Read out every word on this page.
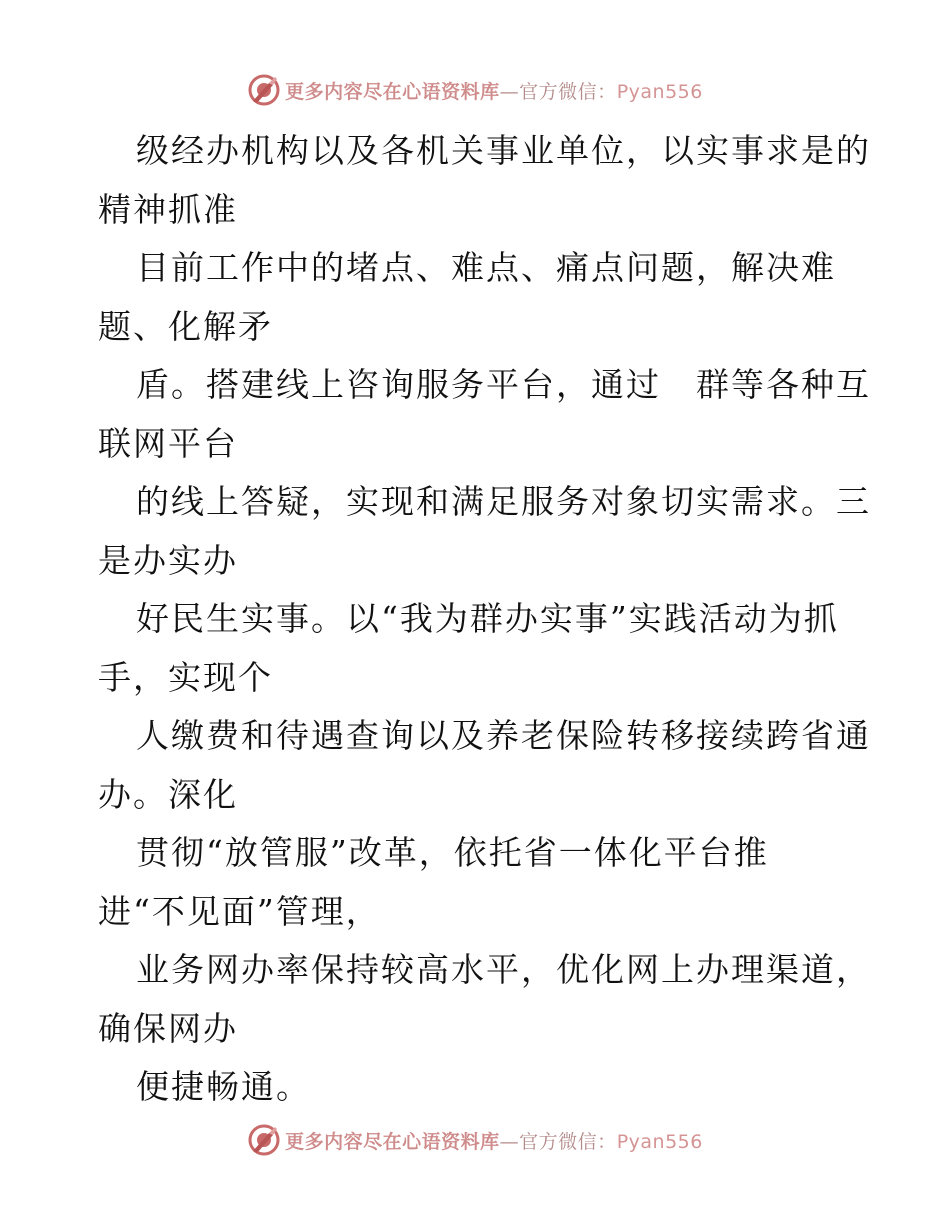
更多内容尽在心语资料库—官方微信：Pyan556
级经办机构以及各机关事业单位，以实事求是的
精神抓准
目前工作中的堵点、难点、痛点问题，解决难
题、化解矛
盾。搭建线上咨询服务平台，通过　群等各种互
联网平台
的线上答疑，实现和满足服务对象切实需求。三
是办实办
好民生实事。以“我为群办实事”实践活动为抓
手，实现个
人缴费和待遇查询以及养老保险转移接续跨省通
办。深化
贯彻“放管服”改革，依托省一体化平台推
进“不见面”管理，
业务网办率保持较高水平，优化网上办理渠道，
确保网办
便捷畅通。
更多内容尽在心语资料库—官方微信：Pyan556
